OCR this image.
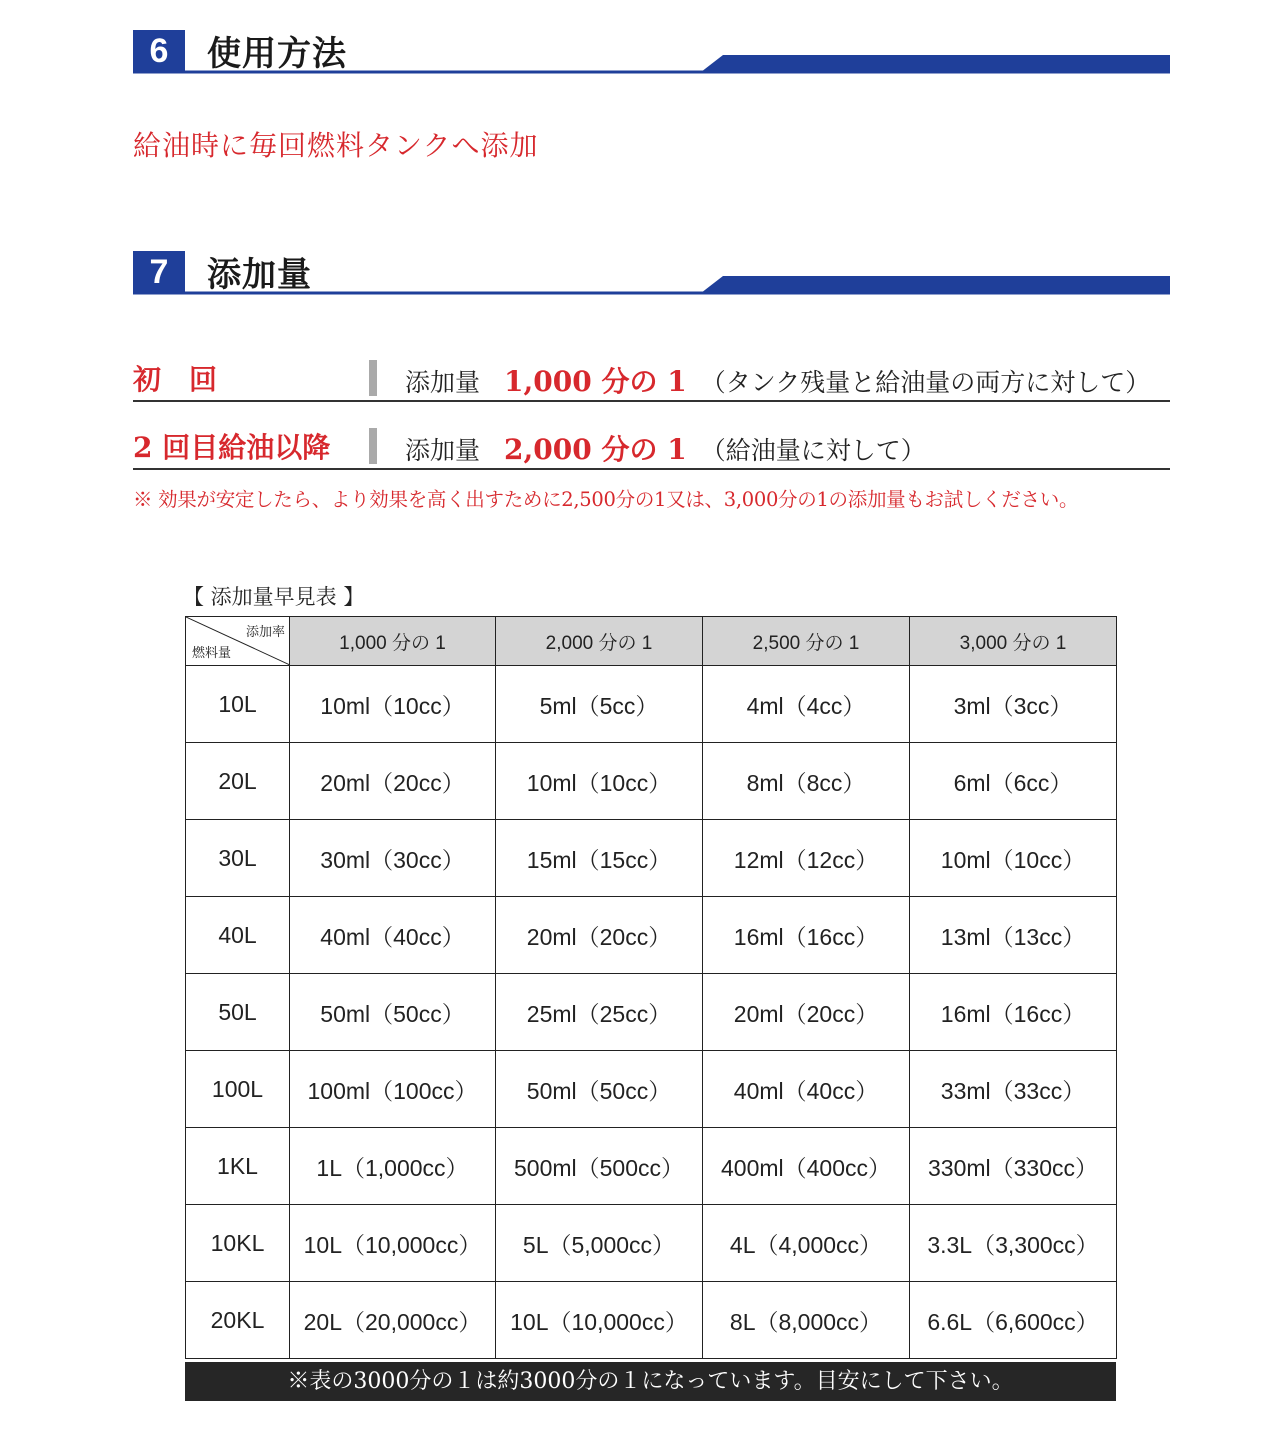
6	使用方法
給油時に毎回燃料タンクへ添加
7	添加量
初　回	添加量 1,000 分の 1 （タンク残量と給油量の両方に対して）
2 回目給油以降	添加量 2,000 分の 1 （給油量に対して）
※ 効果が安定したら、より効果を高く出すために2,500分の1又は、3,000分の1の添加量もお試しください。
【 添加量早見表 】
添加率
燃料量	1,000 分の 1	2,000 分の 1	2,500 分の 1	3,000 分の 1
10L	10ml（10cc）	5ml（5cc）	4ml（4cc）	3ml（3cc）
20L	20ml（20cc）	10ml（10cc）	8ml（8cc）	6ml（6cc）
30L	30ml（30cc）	15ml（15cc）	12ml（12cc）	10ml（10cc）
40L	40ml（40cc）	20ml（20cc）	16ml（16cc）	13ml（13cc）
50L	50ml（50cc）	25ml（25cc）	20ml（20cc）	16ml（16cc）
100L	100ml（100cc）	50ml（50cc）	40ml（40cc）	33ml（33cc）
1KL	1L（1,000cc）	500ml（500cc）	400ml（400cc）	330ml（330cc）
10KL	10L（10,000cc）	5L（5,000cc）	4L（4,000cc）	3.3L（3,300cc）
20KL	20L（20,000cc）	10L（10,000cc）	8L（8,000cc）	6.6L（6,600cc）
※表の3000分の１は約3000分の１になっています。目安にして下さい。
